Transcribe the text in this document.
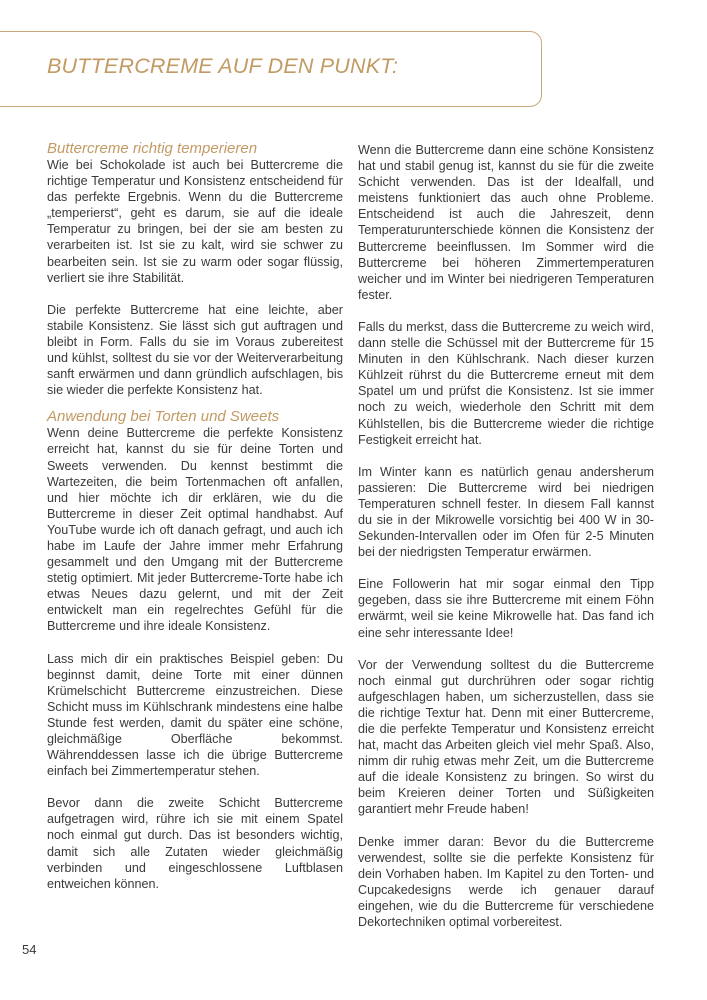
BUTTERCREME AUF DEN PUNKT:
Buttercreme richtig temperieren

Wie bei Schokolade ist auch bei Buttercreme die richtige Temperatur und Konsistenz entscheidend für das perfekte Ergebnis. Wenn du die Buttercreme „temperierst“, geht es darum, sie auf die ideale Temperatur zu bringen, bei der sie am besten zu verarbeiten ist. Ist sie zu kalt, wird sie schwer zu bearbeiten sein. Ist sie zu warm oder sogar flüssig, verliert sie ihre Stabilität.

Die perfekte Buttercreme hat eine leichte, aber stabile Konsistenz. Sie lässt sich gut auftragen und bleibt in Form. Falls du sie im Voraus zubereitest und kühlst, solltest du sie vor der Weiterverarbeitung sanft erwärmen und dann gründlich aufschlagen, bis sie wieder die perfekte Konsistenz hat.

Anwendung bei Torten und Sweets

Wenn deine Buttercreme die perfekte Konsistenz erreicht hat, kannst du sie für deine Torten und Sweets verwenden. Du kennst bestimmt die Wartezeiten, die beim Tortenmachen oft anfallen, und hier möchte ich dir erklären, wie du die Buttercreme in dieser Zeit optimal handhabst. Auf YouTube wurde ich oft danach gefragt, und auch ich habe im Laufe der Jahre immer mehr Erfahrung gesammelt und den Umgang mit der Buttercreme stetig optimiert. Mit jeder Buttercreme-Torte habe ich etwas Neues dazu gelernt, und mit der Zeit entwickelt man ein regelrechtes Gefühl für die Buttercreme und ihre ideale Konsistenz.

Lass mich dir ein praktisches Beispiel geben: Du beginnst damit, deine Torte mit einer dünnen Krümelschicht Buttercreme einzustreichen. Diese Schicht muss im Kühlschrank mindestens eine halbe Stunde fest werden, damit du später eine schöne, gleichmäßige Oberfläche bekommst. Währenddessen lasse ich die übrige Buttercreme einfach bei Zimmertemperatur stehen.

Bevor dann die zweite Schicht Buttercreme aufgetragen wird, rühre ich sie mit einem Spatel noch einmal gut durch. Das ist besonders wichtig, damit sich alle Zutaten wieder gleichmäßig verbinden und eingeschlossene Luftblasen entweichen können.

Wenn die Buttercreme dann eine schöne Konsistenz hat und stabil genug ist, kannst du sie für die zweite Schicht verwenden. Das ist der Idealfall, und meistens funktioniert das auch ohne Probleme. Entscheidend ist auch die Jahreszeit, denn Temperaturunterschiede können die Konsistenz der Buttercreme beeinflussen. Im Sommer wird die Buttercreme bei höheren Zimmertemperaturen weicher und im Winter bei niedrigeren Temperaturen fester.

Falls du merkst, dass die Buttercreme zu weich wird, dann stelle die Schüssel mit der Buttercreme für 15 Minuten in den Kühlschrank. Nach dieser kurzen Kühlzeit rührst du die Buttercreme erneut mit dem Spatel um und prüfst die Konsistenz. Ist sie immer noch zu weich, wiederhole den Schritt mit dem Kühlstellen, bis die Buttercreme wieder die richtige Festigkeit erreicht hat.

Im Winter kann es natürlich genau andersherum passieren: Die Buttercreme wird bei niedrigen Temperaturen schnell fester. In diesem Fall kannst du sie in der Mikrowelle vorsichtig bei 400 W in 30-Sekunden-Intervallen oder im Ofen für 2-5 Minuten bei der niedrigsten Temperatur erwärmen.

Eine Followerin hat mir sogar einmal den Tipp gegeben, dass sie ihre Buttercreme mit einem Föhn erwärmt, weil sie keine Mikrowelle hat. Das fand ich eine sehr interessante Idee!

Vor der Verwendung solltest du die Buttercreme noch einmal gut durchrühren oder sogar richtig aufgeschlagen haben, um sicherzustellen, dass sie die richtige Textur hat. Denn mit einer Buttercreme, die die perfekte Temperatur und Konsistenz erreicht hat, macht das Arbeiten gleich viel mehr Spaß. Also, nimm dir ruhig etwas mehr Zeit, um die Buttercreme auf die ideale Konsistenz zu bringen. So wirst du beim Kreieren deiner Torten und Süßigkeiten garantiert mehr Freude haben!

Denke immer daran: Bevor du die Buttercreme verwendest, sollte sie die perfekte Konsistenz für dein Vorhaben haben. Im Kapitel zu den Torten- und Cupcakedesigns werde ich genauer darauf eingehen, wie du die Buttercreme für verschiedene Dekortechniken optimal vorbereitest.

54
